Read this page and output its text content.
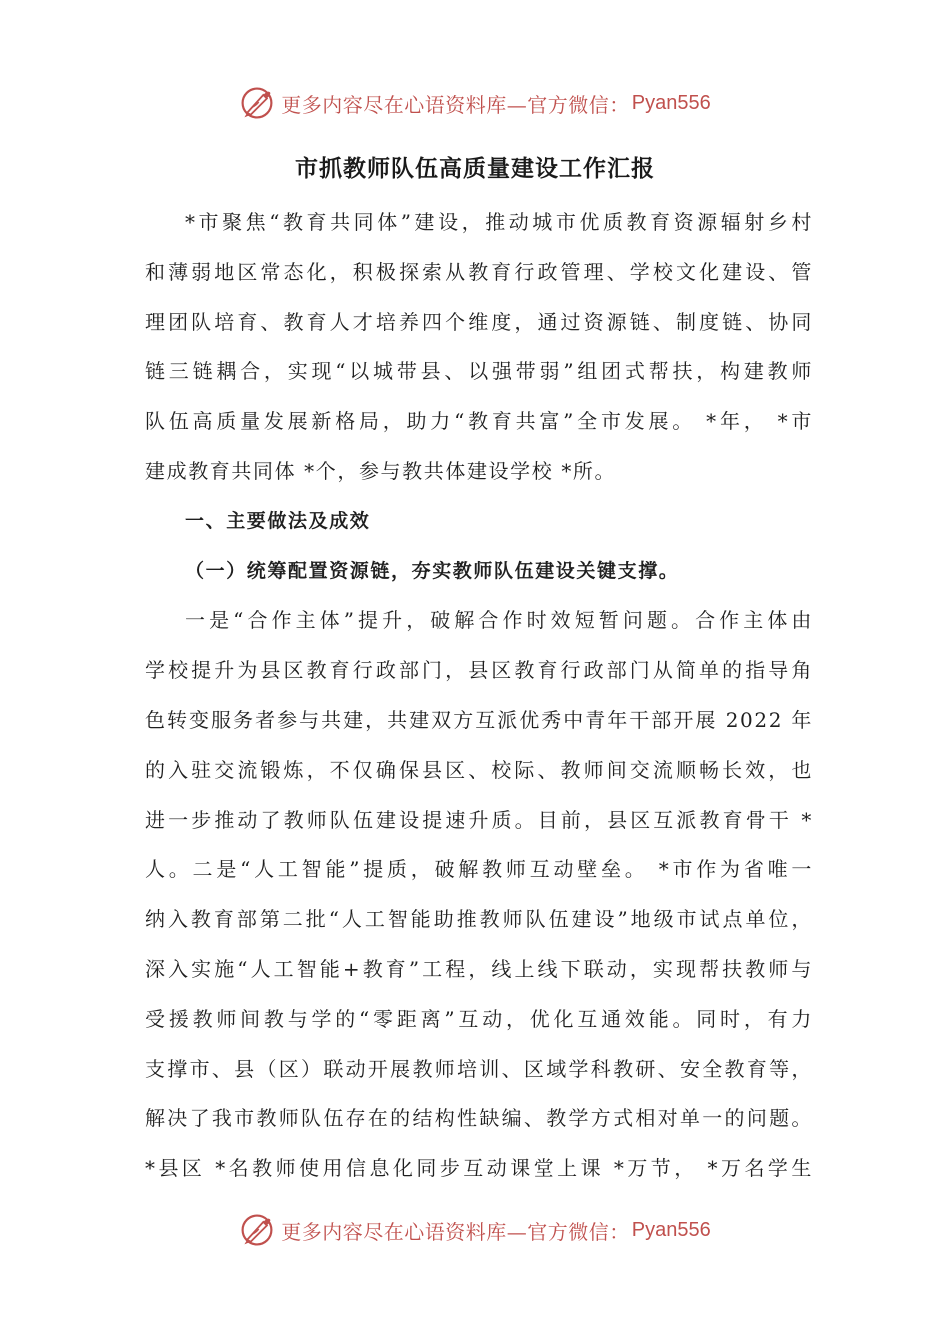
更多内容尽在心语资料库—官方微信： Pyan556
市抓教师队伍高质量建设工作汇报
*市聚焦“教育共同体”建设，推动城市优质教育资源辐射乡村
和薄弱地区常态化，积极探索从教育行政管理、学校文化建设、管
理团队培育、教育人才培养四个维度，通过资源链、制度链、协同
链三链耦合，实现“以城带县、以强带弱”组团式帮扶，构建教师
队伍高质量发展新格局，助力“教育共富”全市发展。 *年， *市
建成教育共同体 *个，参与教共体建设学校 *所。
一、主要做法及成效
（一）统筹配置资源链，夯实教师队伍建设关键支撑。
一是“合作主体”提升，破解合作时效短暂问题。合作主体由
学校提升为县区教育行政部门，县区教育行政部门从简单的指导角
色转变服务者参与共建，共建双方互派优秀中青年干部开展 2022 年
的入驻交流锻炼，不仅确保县区、校际、教师间交流顺畅长效，也
进一步推动了教师队伍建设提速升质。目前，县区互派教育骨干 *
人。二是“人工智能”提质，破解教师互动壁垒。 *市作为省唯一
纳入教育部第二批“人工智能助推教师队伍建设”地级市试点单位，
深入实施“人工智能+教育”工程，线上线下联动，实现帮扶教师与
受援教师间教与学的“零距离”互动，优化互通效能。同时，有力
支撑市、县（区）联动开展教师培训、区域学科教研、安全教育等，
解决了我市教师队伍存在的结构性缺编、教学方式相对单一的问题。
*县区 *名教师使用信息化同步互动课堂上课 *万节， *万名学生
更多内容尽在心语资料库—官方微信： Pyan556
